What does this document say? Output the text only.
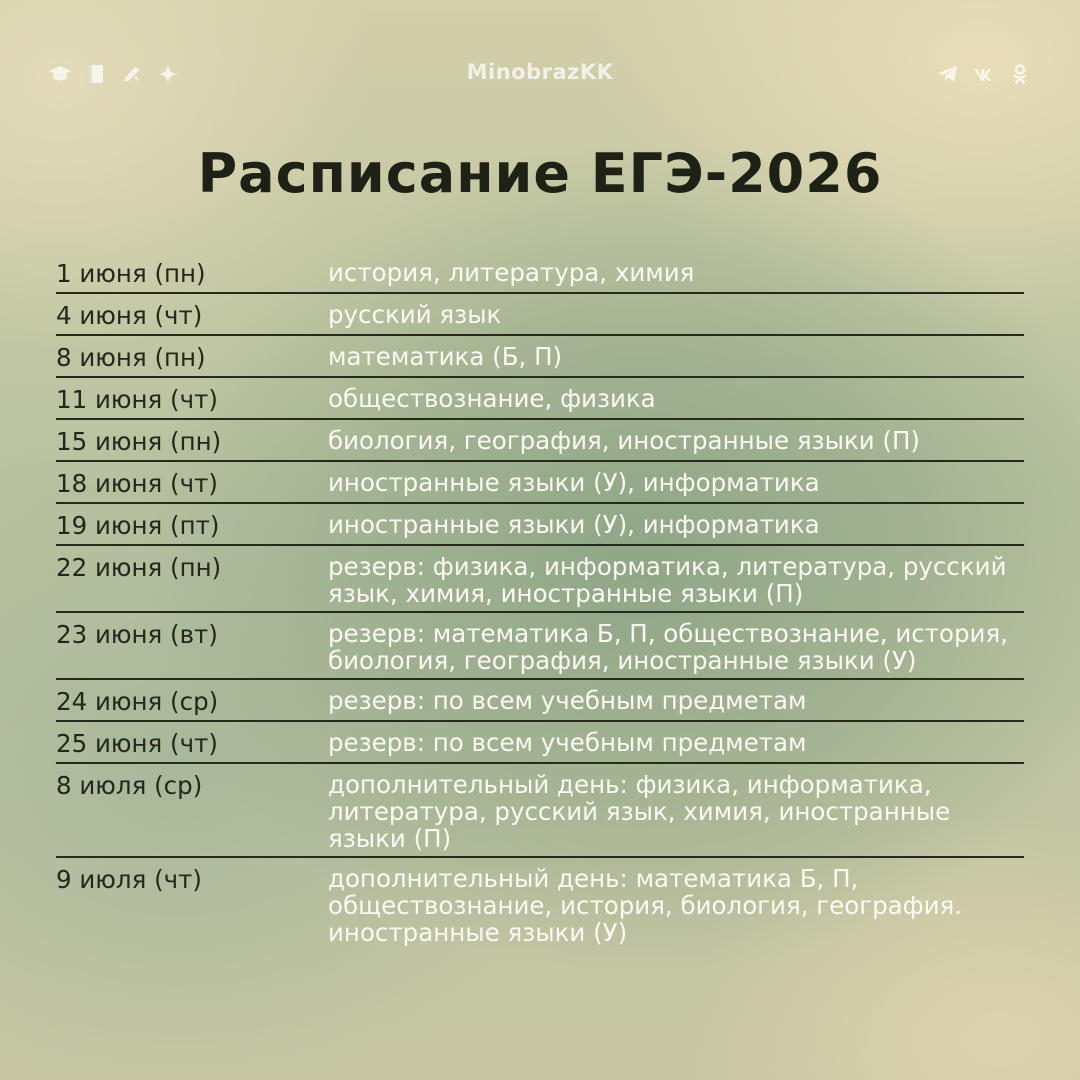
MinobrazKK
Расписание ЕГЭ-2026
1 июня (пн)	история, литература, химия
4 июня (чт)	русский язык
8 июня (пн)	математика (Б, П)
11 июня (чт)	обществознание, физика
15 июня (пн)	биология, география, иностранные языки (П)
18 июня (чт)	иностранные языки (У), информатика
19 июня (пт)	иностранные языки (У), информатика
22 июня (пн)	резерв: физика, информатика, литература, русский язык, химия, иностранные языки (П)
23 июня (вт)	резерв: математика Б, П, обществознание, история, биология, география, иностранные языки (У)
24 июня (ср)	резерв: по всем учебным предметам
25 июня (чт)	резерв: по всем учебным предметам
8 июля (ср)	дополнительный день: физика, информатика, литература, русский язык, химия, иностранные языки (П)
9 июля (чт)	дополнительный день: математика Б, П, обществознание, история, биология, география. иностранные языки (У)
